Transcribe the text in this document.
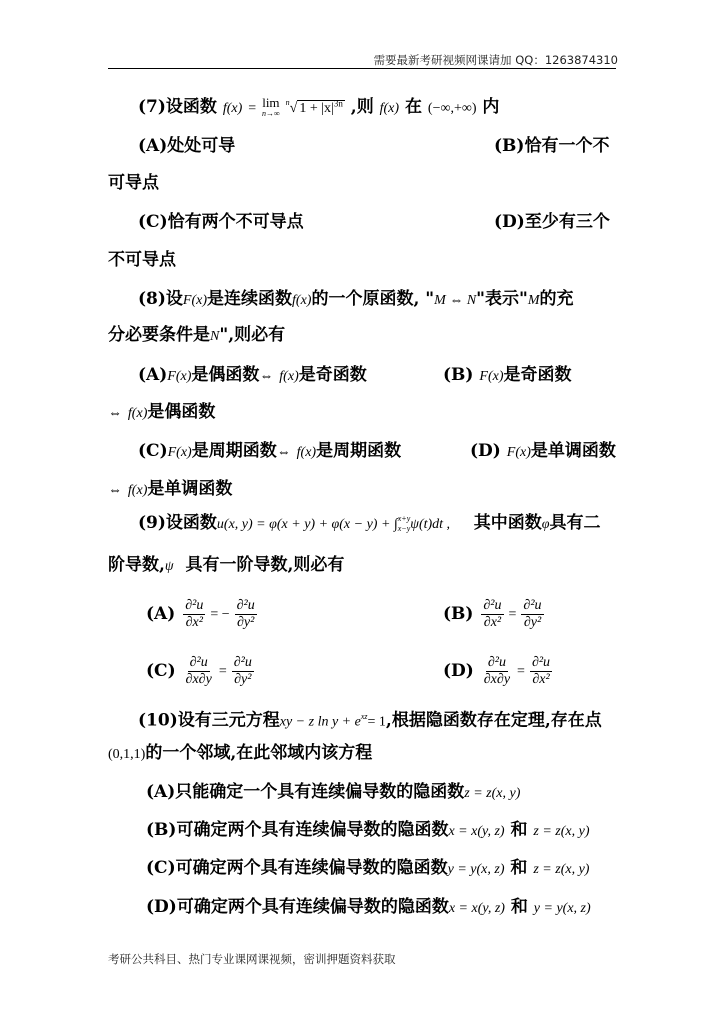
需要最新考研视频网课请加 QQ：1263874310
(7)设函数 f(x) = lim
n→∞
$^n$√ $1 + |x|^{3n}$ ,则 f(x) 在 (−∞,+∞) 内
(A)处处可导	(B)恰有一个不
可导点
(C)恰有两个不可导点	(D)至少有三个
不可导点
(8)设F(x)是连续函数f(x)的一个原函数, "M ⇔ N"表示"M的充
分必要条件是N",则必有
(A)F(x)是偶函数⇔ f(x)是奇函数	(B) F(x)是奇函数
⇔ f(x)是偶函数
(C)F(x)是周期函数⇔ f(x)是周期函数	(D) F(x)是单调函数
⇔ f(x)是单调函数
(9)设函数u(x, y) = φ(x + y) + φ(x − y) + ∫ x+y
x−y ψ(t)dt , 其中函数φ具有二
阶导数,ψ 具有一阶导数,则必有
$(A) \frac{\text{∂²u}}{\text{∂x²}}$ = − $\frac{\text{∂²u}}{\text{∂y²}}$	$(B) \frac{\text{∂²u}}{\text{∂x²}} = \frac{\text{∂²u}}{\text{∂y²}}$
$(C) \frac{\text{∂²u}}{\partial x\partial y} = \frac{\text{∂²u}}{\text{∂y²}}$	$(D) \frac{\text{∂²u}}{\partial x\partial y} = \frac{\text{∂²u}}{\text{∂x²}}$
(10)设有三元方程xy − z $\ln y + e^{xz}= 1$,根据隐函数存在定理,存在点
(0,1,1)的一个邻域,在此邻域内该方程
(A)只能确定一个具有连续偏导数的隐函数z = z(x, y)
(B)可确定两个具有连续偏导数的隐函数x = x(y, z) 和 z = z(x, y)
(C)可确定两个具有连续偏导数的隐函数y = y(x, z) 和 z = z(x, y)
(D)可确定两个具有连续偏导数的隐函数x = x(y, z) 和 y = y(x, z)
考研公共科目、热门专业课网课视频，密训押题资料获取
